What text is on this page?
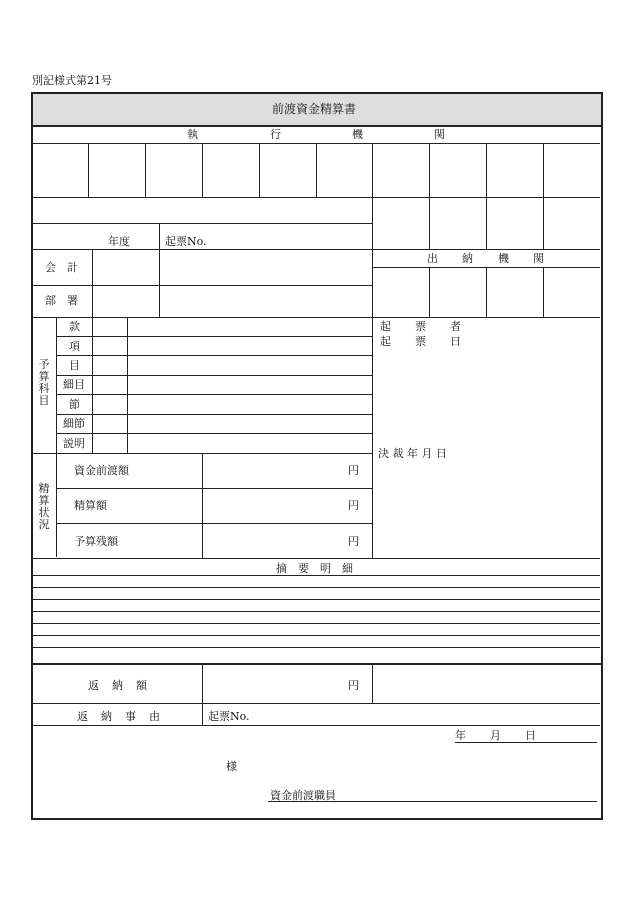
別記様式第21号
前渡資金精算書
執	行	機	関
年度	起票No.
出 納 機 関
会 計
部 署
予算科目
款
項
目
細目
節
細節
説明
起 票 者
起 票 日
決 裁 年 月 日
精算状況
資金前渡額	円
精算額	円
予算残額	円
摘 要 明 細
返 納 額	円
返 納 事 由	起票No.
年 月 日
様
資金前渡職員
